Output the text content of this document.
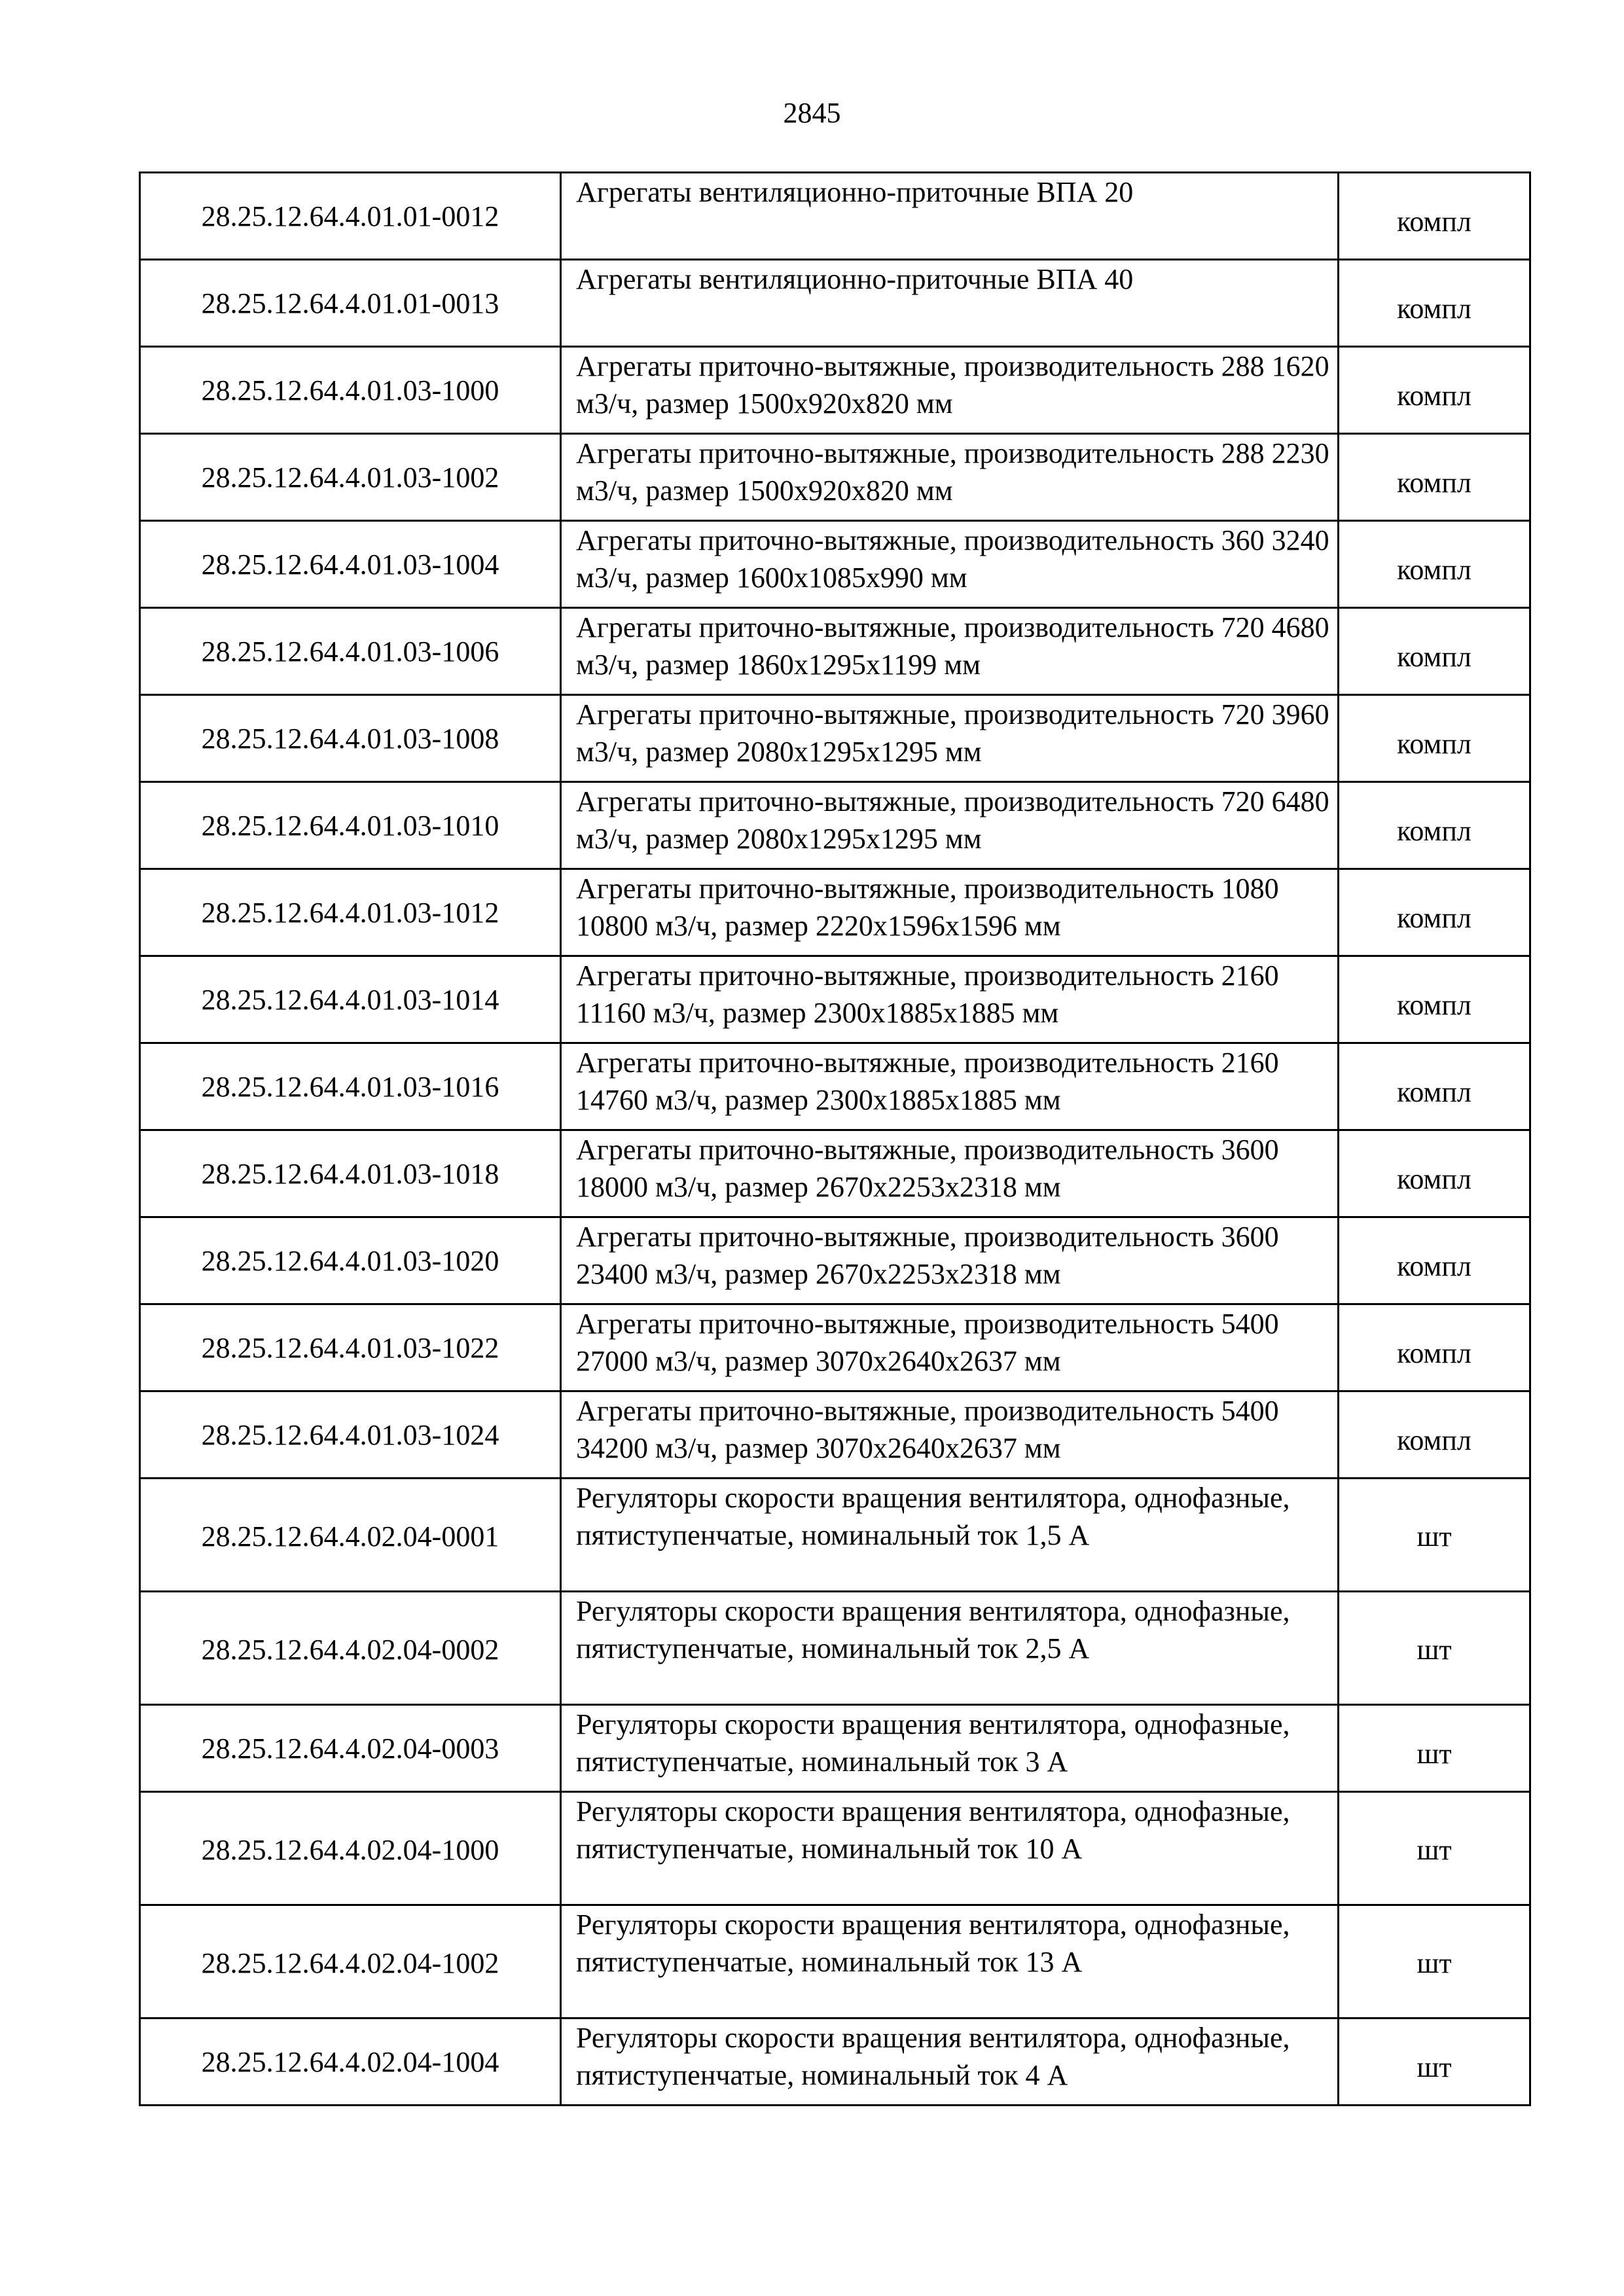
2845
28.25.12.64.4.01.01-0012	Агрегаты вентиляционно-приточные ВПА 20	компл
28.25.12.64.4.01.01-0013	Агрегаты вентиляционно-приточные ВПА 40	компл
28.25.12.64.4.01.03-1000	Агрегаты приточно-вытяжные, производительность 288 1620 м3/ч, размер 1500х920х820 мм	компл
28.25.12.64.4.01.03-1002	Агрегаты приточно-вытяжные, производительность 288 2230 м3/ч, размер 1500х920х820 мм	компл
28.25.12.64.4.01.03-1004	Агрегаты приточно-вытяжные, производительность 360 3240 м3/ч, размер 1600х1085х990 мм	компл
28.25.12.64.4.01.03-1006	Агрегаты приточно-вытяжные, производительность 720 4680 м3/ч, размер 1860х1295х1199 мм	компл
28.25.12.64.4.01.03-1008	Агрегаты приточно-вытяжные, производительность 720 3960 м3/ч, размер 2080х1295х1295 мм	компл
28.25.12.64.4.01.03-1010	Агрегаты приточно-вытяжные, производительность 720 6480 м3/ч, размер 2080х1295х1295 мм	компл
28.25.12.64.4.01.03-1012	Агрегаты приточно-вытяжные, производительность 1080 10800 м3/ч, размер 2220х1596х1596 мм	компл
28.25.12.64.4.01.03-1014	Агрегаты приточно-вытяжные, производительность 2160 11160 м3/ч, размер 2300х1885х1885 мм	компл
28.25.12.64.4.01.03-1016	Агрегаты приточно-вытяжные, производительность 2160 14760 м3/ч, размер 2300х1885х1885 мм	компл
28.25.12.64.4.01.03-1018	Агрегаты приточно-вытяжные, производительность 3600 18000 м3/ч, размер 2670х2253х2318 мм	компл
28.25.12.64.4.01.03-1020	Агрегаты приточно-вытяжные, производительность 3600 23400 м3/ч, размер 2670х2253х2318 мм	компл
28.25.12.64.4.01.03-1022	Агрегаты приточно-вытяжные, производительность 5400 27000 м3/ч, размер 3070х2640х2637 мм	компл
28.25.12.64.4.01.03-1024	Агрегаты приточно-вытяжные, производительность 5400 34200 м3/ч, размер 3070х2640х2637 мм	компл
28.25.12.64.4.02.04-0001	Регуляторы скорости вращения вентилятора, однофазные, пятиступенчатые, номинальный ток 1,5 А	шт
28.25.12.64.4.02.04-0002	Регуляторы скорости вращения вентилятора, однофазные, пятиступенчатые, номинальный ток 2,5 А	шт
28.25.12.64.4.02.04-0003	Регуляторы скорости вращения вентилятора, однофазные, пятиступенчатые, номинальный ток 3 А	шт
28.25.12.64.4.02.04-1000	Регуляторы скорости вращения вентилятора, однофазные, пятиступенчатые, номинальный ток 10 А	шт
28.25.12.64.4.02.04-1002	Регуляторы скорости вращения вентилятора, однофазные, пятиступенчатые, номинальный ток 13 А	шт
28.25.12.64.4.02.04-1004	Регуляторы скорости вращения вентилятора, однофазные, пятиступенчатые, номинальный ток 4 А	шт
